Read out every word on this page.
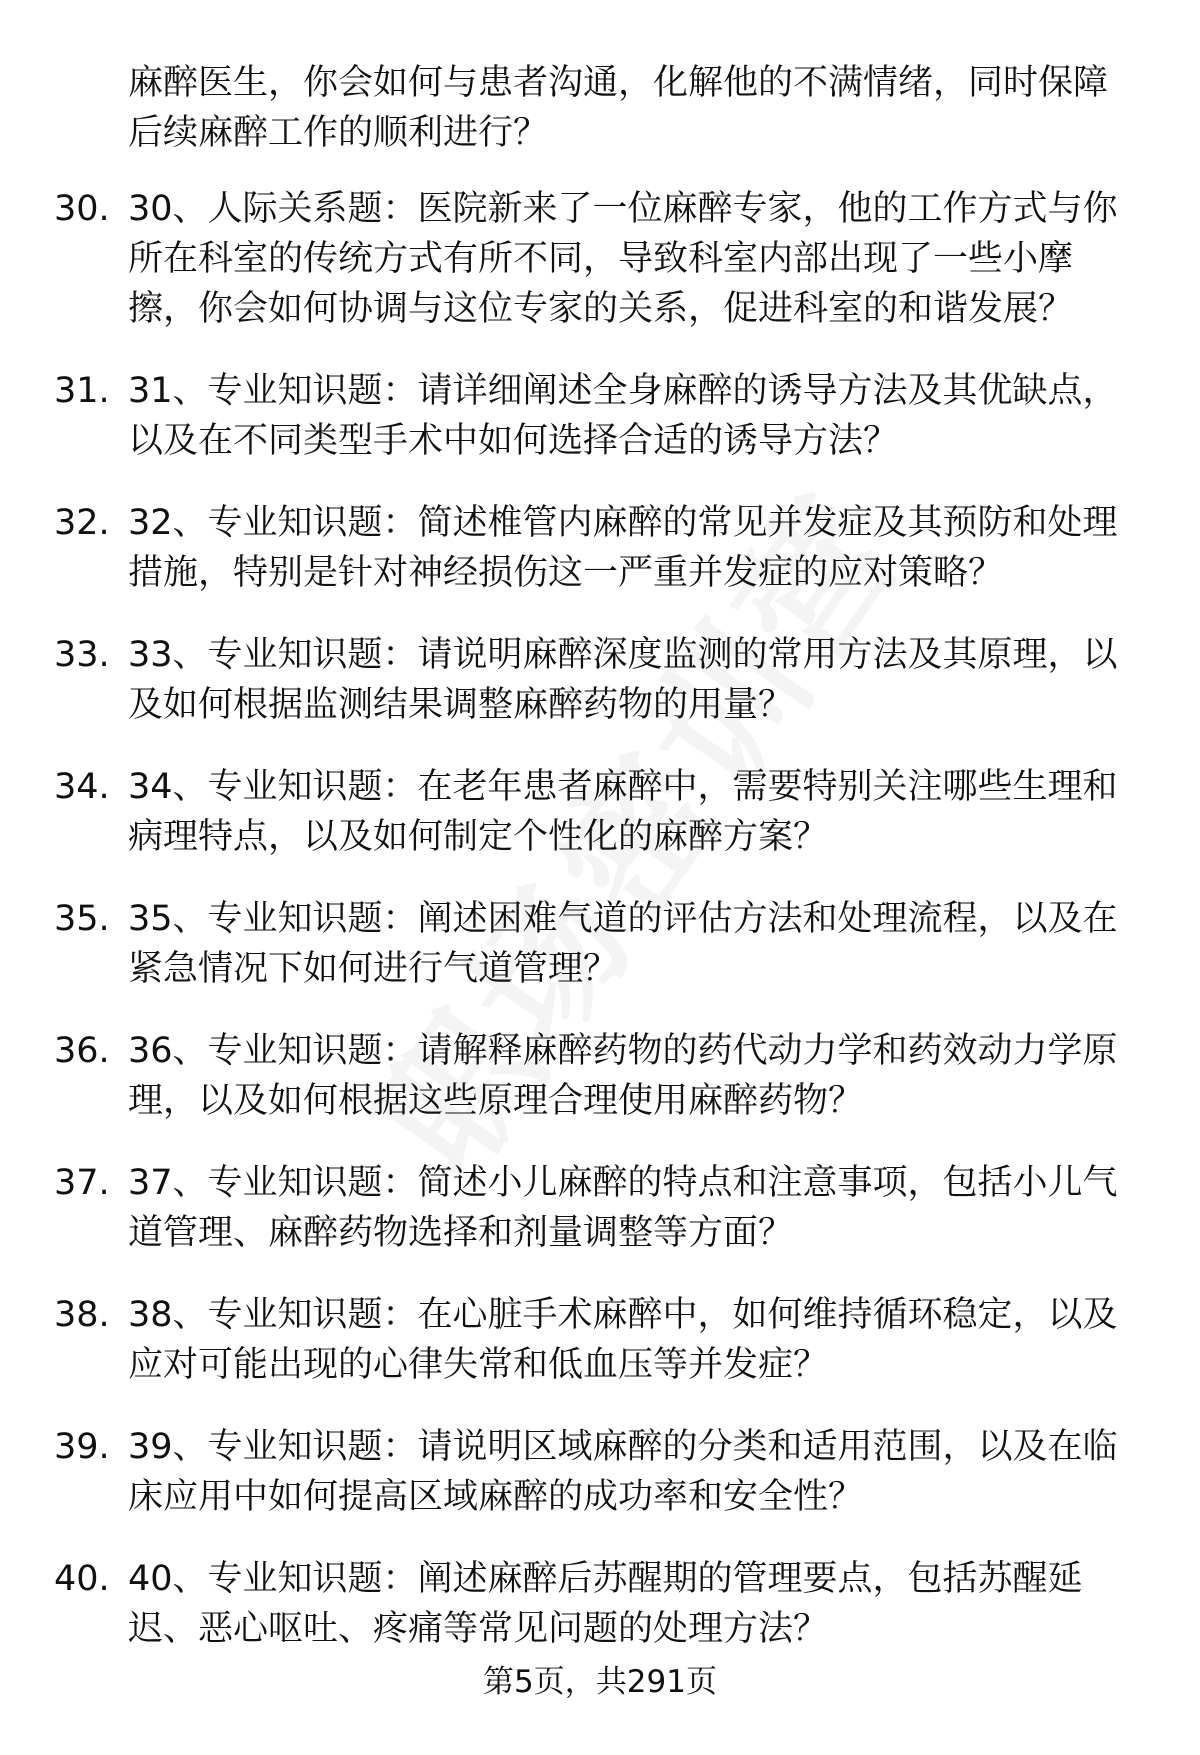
麻醉医生，你会如何与患者沟通，化解他的不满情绪，同时保障后续麻醉工作的顺利进行？
30. 30、人际关系题：医院新来了一位麻醉专家，他的工作方式与你所在科室的传统方式有所不同，导致科室内部出现了一些小摩擦，你会如何协调与这位专家的关系，促进科室的和谐发展？
31. 31、专业知识题：请详细阐述全身麻醉的诱导方法及其优缺点，以及在不同类型手术中如何选择合适的诱导方法？
32. 32、专业知识题：简述椎管内麻醉的常见并发症及其预防和处理措施，特别是针对神经损伤这一严重并发症的应对策略？
33. 33、专业知识题：请说明麻醉深度监测的常用方法及其原理，以及如何根据监测结果调整麻醉药物的用量？
34. 34、专业知识题：在老年患者麻醉中，需要特别关注哪些生理和病理特点，以及如何制定个性化的麻醉方案？
35. 35、专业知识题：阐述困难气道的评估方法和处理流程，以及在紧急情况下如何进行气道管理？
36. 36、专业知识题：请解释麻醉药物的药代动力学和药效动力学原理，以及如何根据这些原理合理使用麻醉药物？
37. 37、专业知识题：简述小儿麻醉的特点和注意事项，包括小儿气道管理、麻醉药物选择和剂量调整等方面？
38. 38、专业知识题：在心脏手术麻醉中，如何维持循环稳定，以及应对可能出现的心律失常和低血压等并发症？
39. 39、专业知识题：请说明区域麻醉的分类和适用范围，以及在临床应用中如何提高区域麻醉的成功率和安全性？
40. 40、专业知识题：阐述麻醉后苏醒期的管理要点，包括苏醒延迟、恶心呕吐、疼痛等常见问题的处理方法？
第5页，共291页
